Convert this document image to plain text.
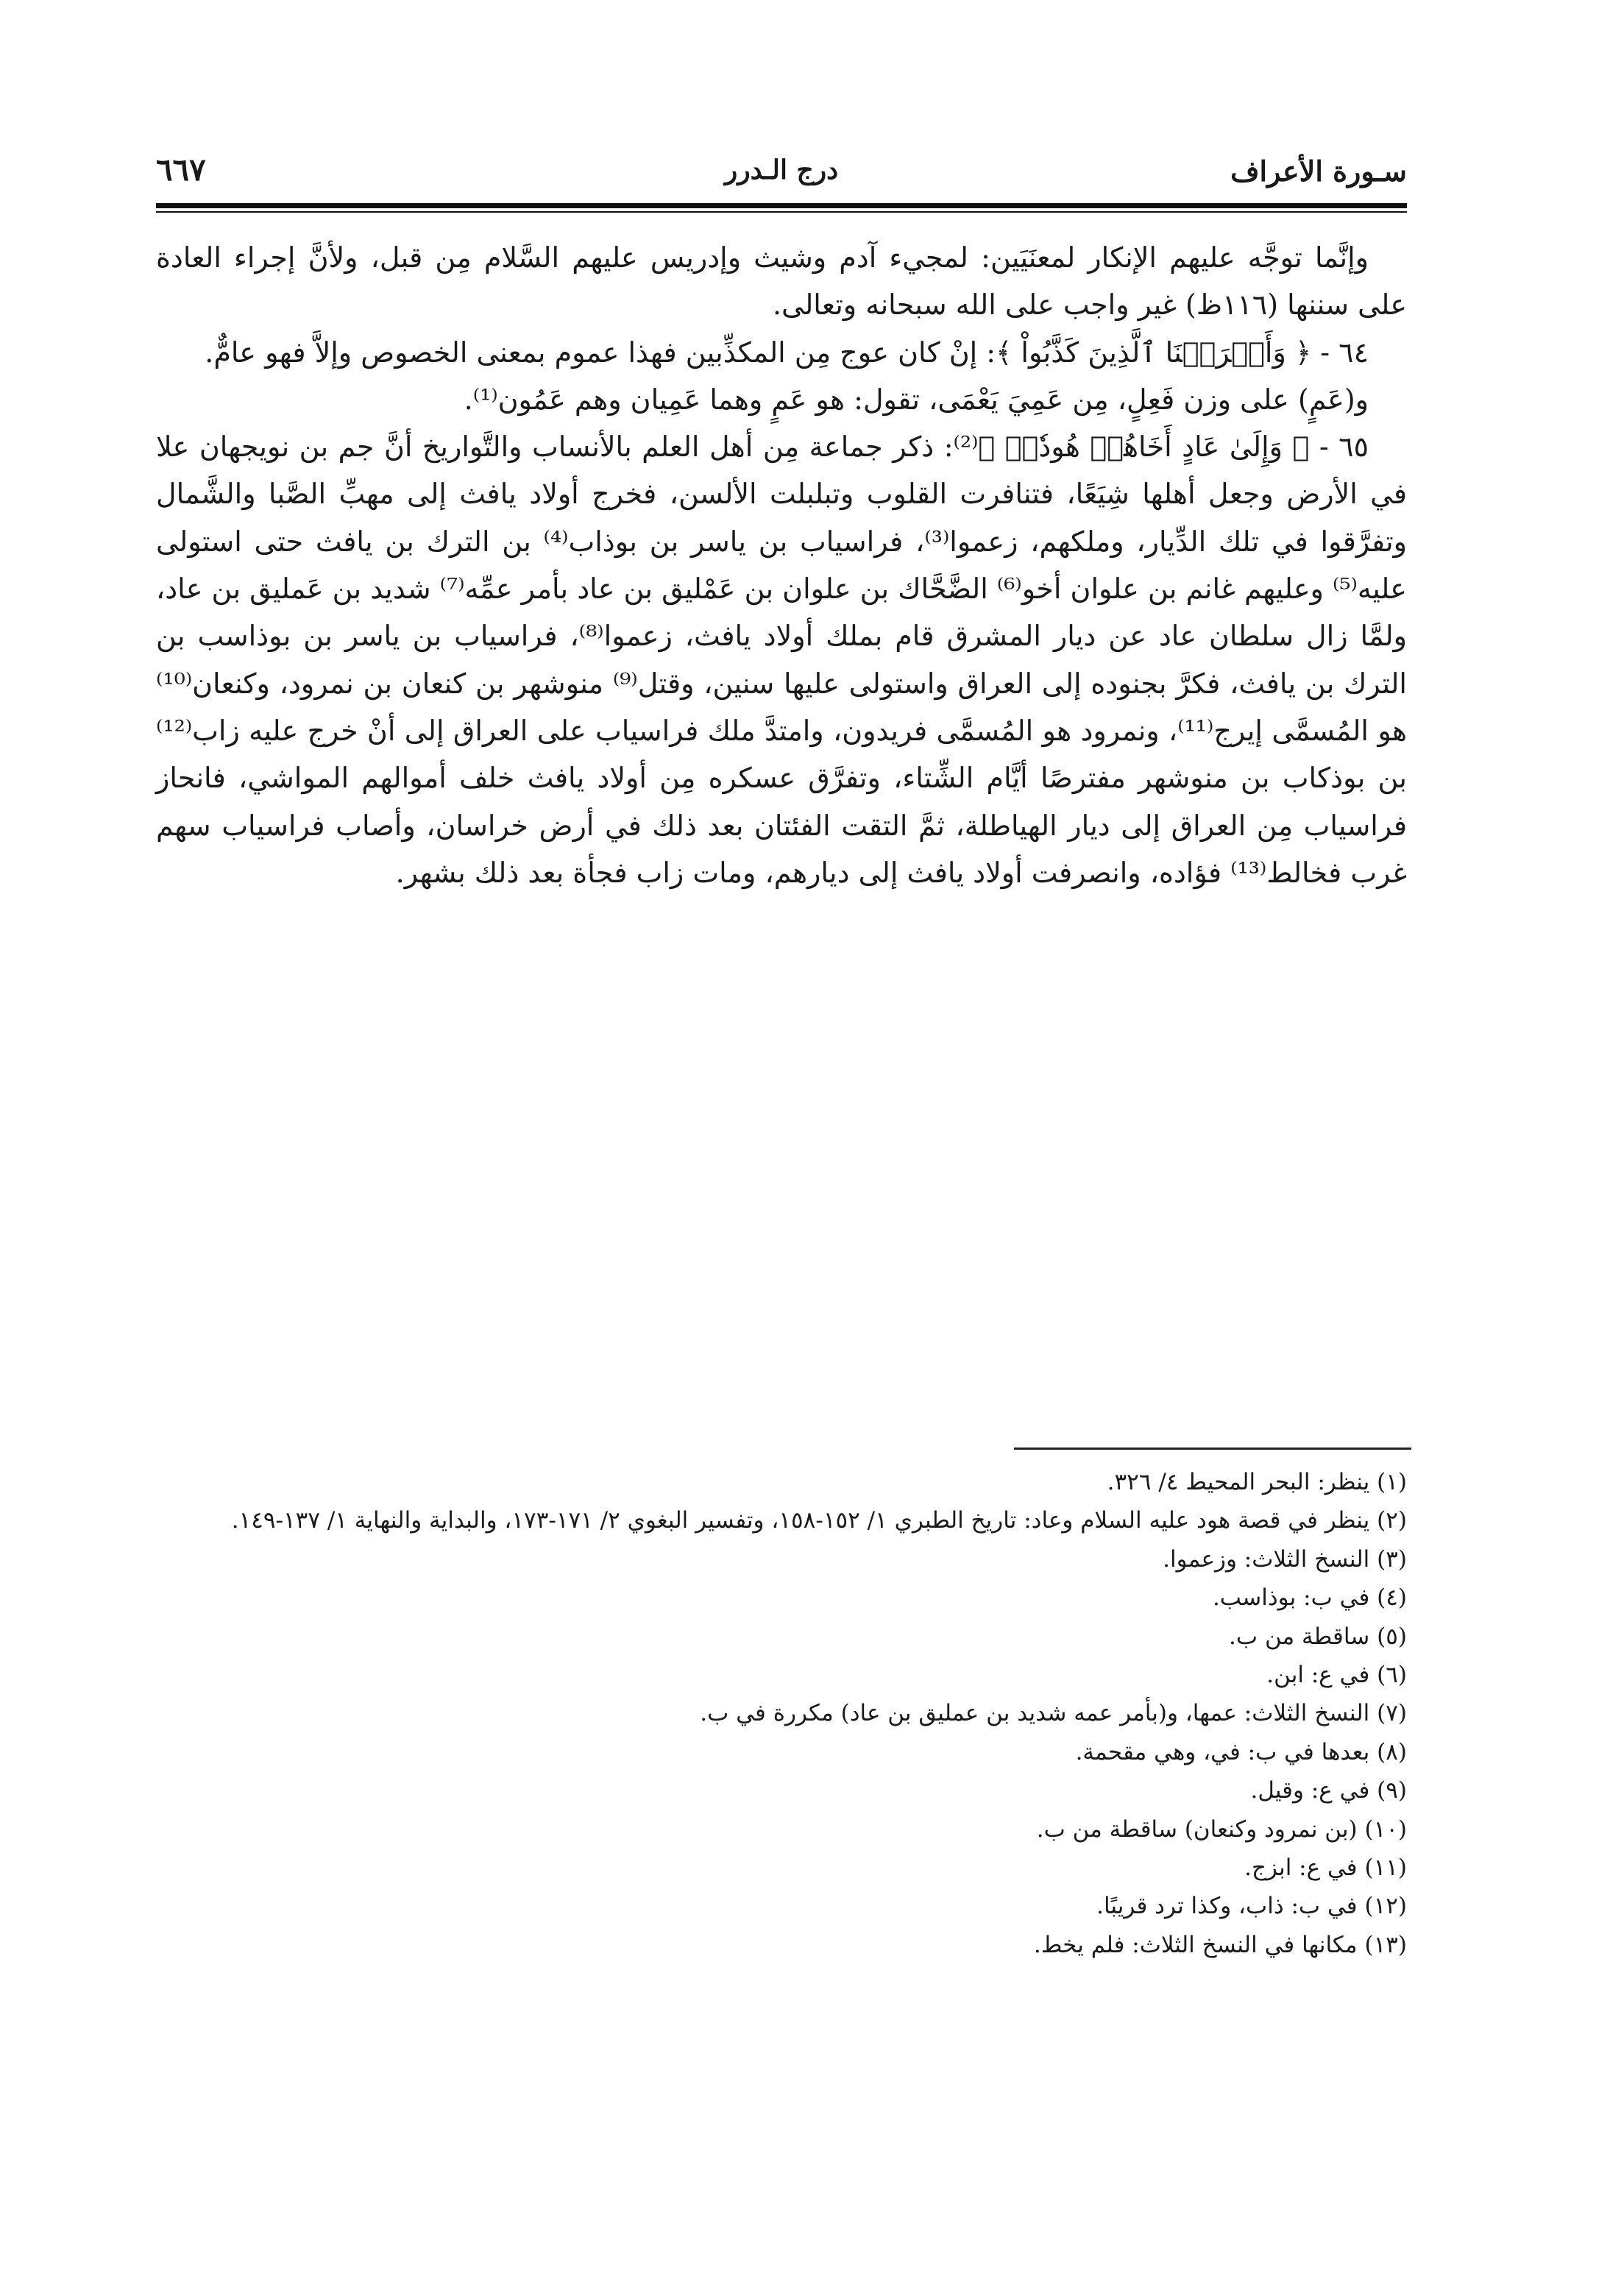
سـورة الأعراف
درج الـدرر
٦٦٧

وإنَّما توجَّه عليهم الإنكار لمعنَيَين: لمجيء آدم وشيث وإدريس عليهم السَّلام مِن قبل، ولأنَّ إجراء العادة على سننها (١١٦ظ) غير واجب على الله سبحانه وتعالى.

٦٤ - ﴿ وَأَغۡرَقۡنَا ٱلَّذِينَ كَذَّبُواْ ﴾: إنْ كان عوج مِن المكذِّبين فهذا عموم بمعنى الخصوص وإلاَّ فهو عامٌّ.

و(عَمٍ) على وزن فَعِلٍ، مِن عَمِيَ يَعْمَى، تقول: هو عَمٍ وهما عَمِيان وهم عَمُون⁽¹⁾.

٦٥ - ﴿ وَإِلَىٰ عَادٍ أَخَاهُمۡ هُودٗاۗ ﴾⁽²⁾: ذكر جماعة مِن أهل العلم بالأنساب والتَّواريخ أنَّ جم بن نويجهان علا في الأرض وجعل أهلها شِيَعًا، فتنافرت القلوب وتبلبلت الألسن، فخرج أولاد يافث إلى مهبِّ الصَّبا والشَّمال وتفرَّقوا في تلك الدِّيار، وملكهم، زعموا⁽³⁾، فراسياب بن ياسر بن بوذاب⁽⁴⁾ بن الترك بن يافث حتى استولى عليه⁽⁵⁾ وعليهم غانم بن علوان أخو⁽⁶⁾ الضَّحَّاك بن علوان بن عَمْليق بن عاد بأمر عمِّه⁽⁷⁾ شديد بن عَمليق بن عاد، ولمَّا زال سلطان عاد عن ديار المشرق قام بملك أولاد يافث، زعموا⁽⁸⁾، فراسياب بن ياسر بن بوذاسب بن الترك بن يافث، فكرَّ بجنوده إلى العراق واستولى عليها سنين، وقتل⁽⁹⁾ منوشهر بن كنعان بن نمرود، وكنعان⁽¹⁰⁾ هو المُسمَّى إيرج⁽¹¹⁾، ونمرود هو المُسمَّى فريدون، وامتدَّ ملك فراسياب على العراق إلى أنْ خرج عليه زاب⁽¹²⁾ بن بوذكاب بن منوشهر مفترصًا أيَّام الشِّتاء، وتفرَّق عسكره مِن أولاد يافث خلف أموالهم المواشي، فانحاز فراسياب مِن العراق إلى ديار الهياطلة، ثمَّ التقت الفئتان بعد ذلك في أرض خراسان، وأصاب فراسياب سهم غرب فخالط⁽¹³⁾ فؤاده، وانصرفت أولاد يافث إلى ديارهم، ومات زاب فجأة بعد ذلك بشهر.

(١) ينظر: البحر المحيط ٤/ ٣٢٦.

(٢) ينظر في قصة هود عليه السلام وعاد: تاريخ الطبري ١/ ١٥٢-١٥٨، وتفسير البغوي ٢/ ١٧١-١٧٣، والبداية والنهاية ١/ ١٣٧-١٤٩.

(٣) النسخ الثلاث: وزعموا.

(٤) في ب: بوذاسب.

(٥) ساقطة من ب.

(٦) في ع: ابن.

(٧) النسخ الثلاث: عمها، و(بأمر عمه شديد بن عمليق بن عاد) مكررة في ب.

(٨) بعدها في ب: في، وهي مقحمة.

(٩) في ع: وقيل.

(١٠) (بن نمرود وكنعان) ساقطة من ب.

(١١) في ع: ابزج.

(١٢) في ب: ذاب، وكذا ترد قريبًا.

(١٣) مكانها في النسخ الثلاث: فلم يخط.
